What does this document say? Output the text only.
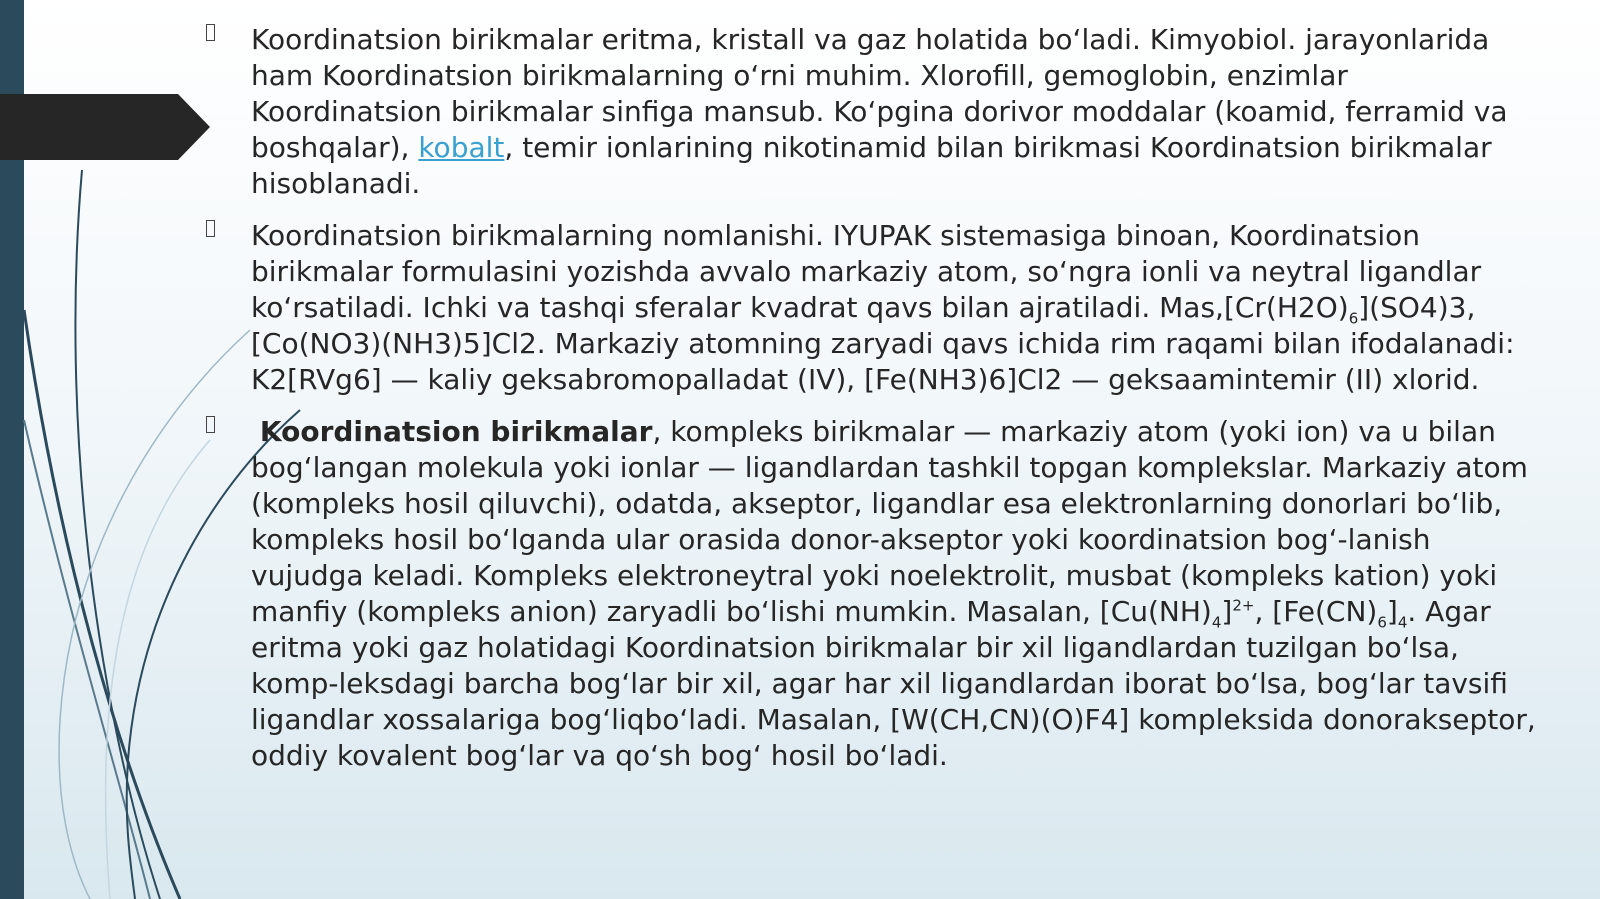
Koordinatsion birikmalar eritma, kristall va gaz holatida bo‘ladi. Kimyobiol. jarayonlarida ham Koordinatsion birikmalarning o‘rni muhim. Xlorofill, gemoglobin, enzimlar Koordinatsion birikmalar sinfiga mansub. Ko‘pgina dorivor moddalar (koamid, ferramid va boshqalar), kobalt, temir ionlarining nikotinamid bilan birikmasi Koordinatsion birikmalar hisoblanadi.
Koordinatsion birikmalarning nomlanishi. IYUPAK sistemasiga binoan, Koordinatsion birikmalar formulasini yozishda avvalo markaziy atom, so‘ngra ionli va neytral ligandlar ko‘rsatiladi. Ichki va tashqi sferalar kvadrat qavs bilan ajratiladi. $Mas,[Cr(H2O)_6](SO4)3$, [Co(NO3)(NH3)5]Cl2. Markaziy atomning zaryadi qavs ichida rim raqami bilan ifodalanadi: K2[RVg6] — kaliy geksabromopalladat (IV), [Fe(NH3)6]Cl2 — geksaamintemir (II) xlorid.
Koordinatsion birikmalar, kompleks birikmalar — markaziy atom (yoki ion) va u bilan bog‘langan molekula yoki ionlar — ligandlardan tashkil topgan komplekslar. Markaziy atom (kompleks hosil qiluvchi), odatda, akseptor, ligandlar esa elektronlarning donorlari bo‘lib, kompleks hosil bo‘lganda ular orasida donor-akseptor yoki koordinatsion bog‘-lanish vujudga keladi. Kompleks elektroneytral yoki noelektrolit, musbat (kompleks kation) yoki manfiy (kompleks anion) zaryadli bo‘lishi mumkin. Masalan, $[Cu(NH)_4]^{2+}$, $[Fe(CN)_6]_4$. Agar eritma yoki gaz holatidagi Koordinatsion birikmalar bir xil ligandlardan tuzilgan bo‘lsa, komp-leksdagi barcha bog‘lar bir xil, agar har xil ligandlardan iborat bo‘lsa, bog‘lar tavsifi ligandlar xossalariga bog‘liqbo‘ladi. Masalan, [W(CH,CN)(O)F4] kompleksida donorakseptor, oddiy kovalent bog‘lar va qo‘sh bog‘ hosil bo‘ladi.
